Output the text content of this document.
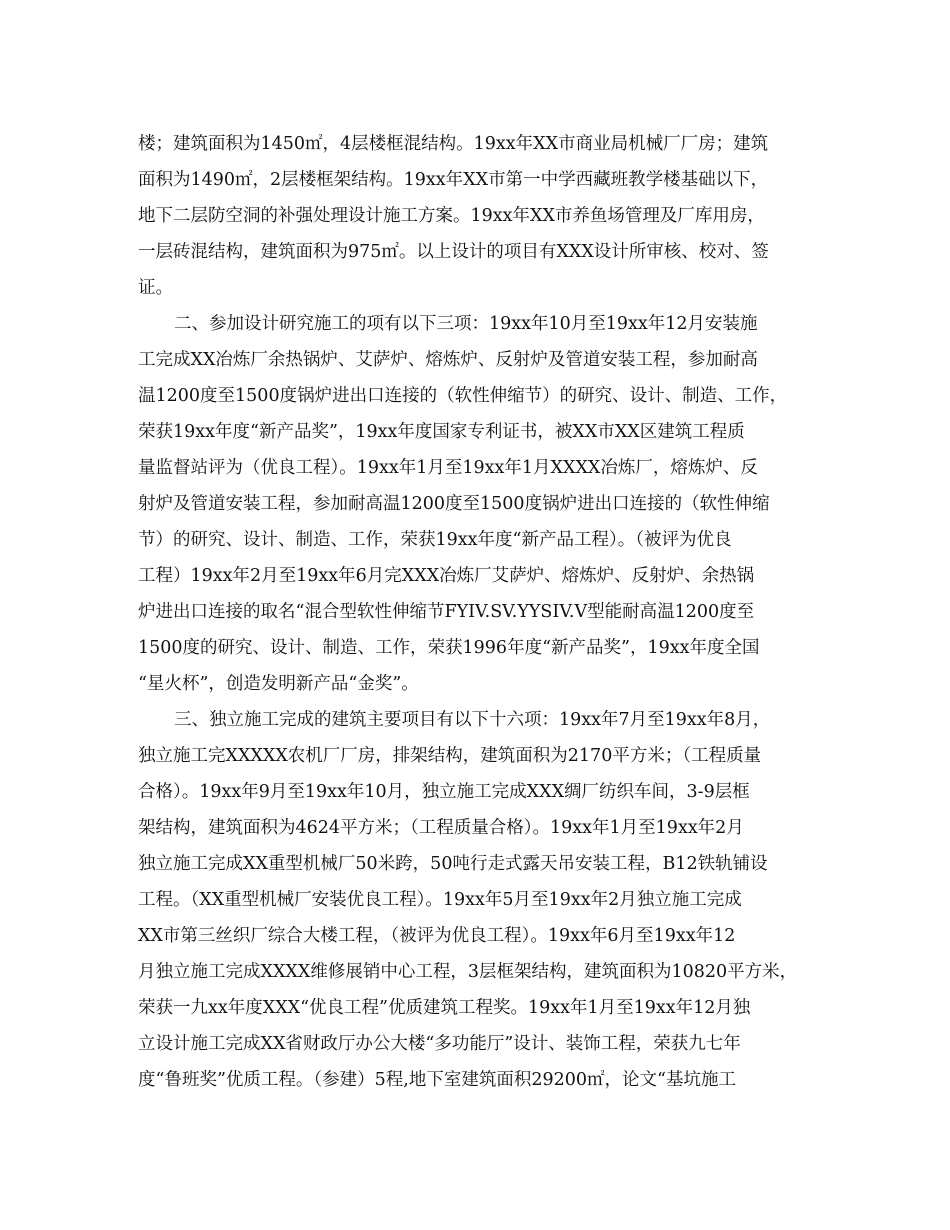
楼；建筑面积为1450㎡，4层楼框混结构。19xx年XX市商业局机械厂厂房；建筑
面积为1490㎡，2层楼框架结构。19xx年XX市第一中学西藏班教学楼基础以下，
地下二层防空洞的补强处理设计施工方案。19xx年XX市养鱼场管理及厂库用房，
一层砖混结构，建筑面积为975㎡。以上设计的项目有XXX设计所审核、校对、签
证。
二、参加设计研究施工的项有以下三项：19xx年10月至19xx年12月安装施
工完成XX冶炼厂余热锅炉、艾萨炉、熔炼炉、反射炉及管道安装工程，参加耐高
温1200度至1500度锅炉进出口连接的（软性伸缩节）的研究、设计、制造、工作，
荣获19xx年度“新产品奖”，19xx年度国家专利证书，被XX市XX区建筑工程质
量监督站评为（优良工程）。19xx年1月至19xx年1月XXXX冶炼厂，熔炼炉、反
射炉及管道安装工程，参加耐高温1200度至1500度锅炉进出口连接的（软性伸缩
节）的研究、设计、制造、工作，荣获19xx年度“新产品工程）。（被评为优良
工程）19xx年2月至19xx年6月完XXX冶炼厂艾萨炉、熔炼炉、反射炉、余热锅
炉进出口连接的取名“混合型软性伸缩节FYIV.SV.YYSIV.V型能耐高温1200度至
1500度的研究、设计、制造、工作，荣获1996年度“新产品奖”，19xx年度全国
“星火杯”，创造发明新产品“金奖”。
三、独立施工完成的建筑主要项目有以下十六项：19xx年7月至19xx年8月，
独立施工完XXXXX农机厂厂房，排架结构，建筑面积为2170平方米；（工程质量
合格）。19xx年9月至19xx年10月，独立施工完成XXX绸厂纺织车间，3-9层框
架结构，建筑面积为4624平方米；（工程质量合格）。19xx年1月至19xx年2月
独立施工完成XX重型机械厂50米跨，50吨行走式露天吊安装工程，B12铁轨铺设
工程。（XX重型机械厂安装优良工程）。19xx年5月至19xx年2月独立施工完成
XX市第三丝织厂综合大楼工程，（被评为优良工程）。19xx年6月至19xx年12
月独立施工完成XXXX维修展销中心工程，3层框架结构，建筑面积为10820平方米，
荣获一九xx年度XXX“优良工程”优质建筑工程奖。19xx年1月至19xx年12月独
立设计施工完成XX省财政厅办公大楼“多功能厅”设计、装饰工程，荣获九七年
度“鲁班奖”优质工程。（参建）5程,地下室建筑面积29200㎡，论文“基坑施工
